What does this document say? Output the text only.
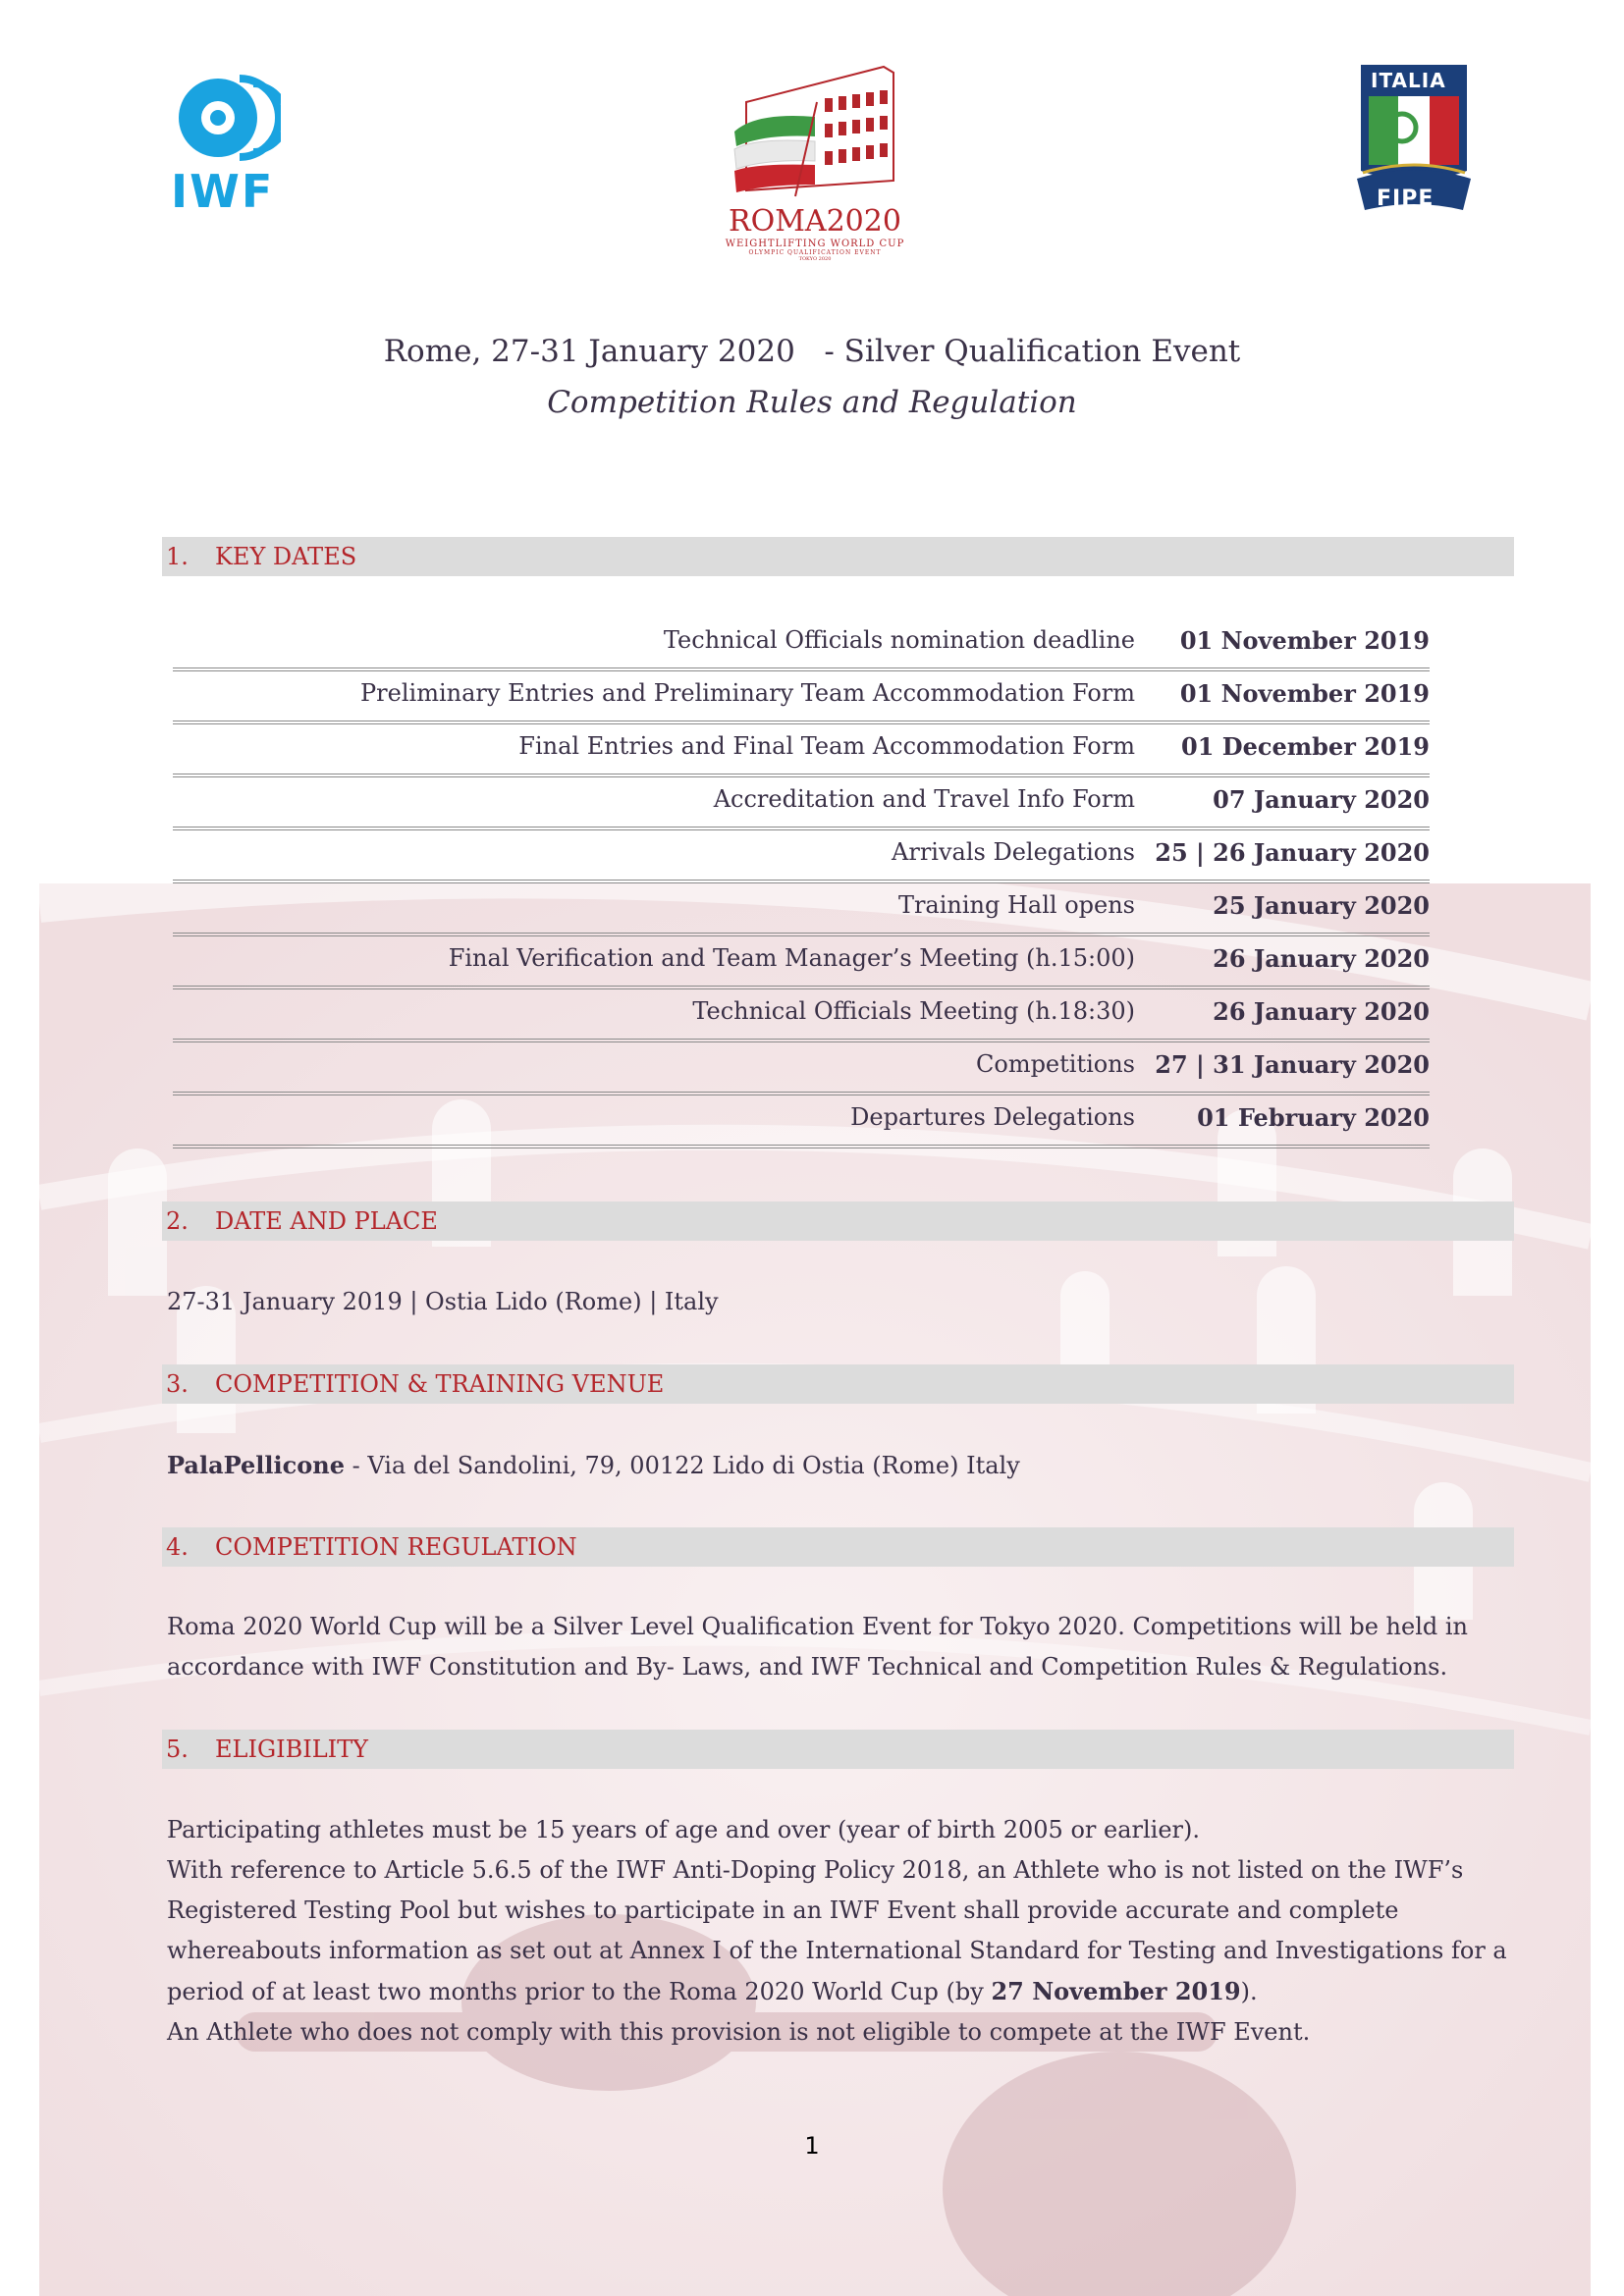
IWF
ROMA2020
WEIGHTLIFTING WORLD CUP
OLYMPIC QUALIFICATION EVENT
TOKYO 2020
ITALIA
FIPE
Rome, 27-31 January 2020   - Silver Qualification Event
Competition Rules and Regulation
1. KEY DATES
Technical Officials nomination deadline 01 November 2019
Preliminary Entries and Preliminary Team Accommodation Form 01 November 2019
Final Entries and Final Team Accommodation Form 01 December 2019
Accreditation and Travel Info Form	07 January 2020
Arrivals Delegations 25 | 26 January 2020
Training Hall opens	25 January 2020
Final Verification and Team Manager’s Meeting (h.15:00)	26 January 2020
Technical Officials Meeting (h.18:30)	26 January 2020
Competitions 27 | 31 January 2020
Departures Delegations	01 February 2020
2. DATE AND PLACE
27-31 January 2019 | Ostia Lido (Rome) | Italy
3. COMPETITION & TRAINING VENUE
PalaPellicone - Via del Sandolini, 79, 00122 Lido di Ostia (Rome) Italy
4. COMPETITION REGULATION
Roma 2020 World Cup will be a Silver Level Qualification Event for Tokyo 2020. Competitions will be held in accordance with IWF Constitution and By- Laws, and IWF Technical and Competition Rules & Regulations.
5. ELIGIBILITY
Participating athletes must be 15 years of age and over (year of birth 2005 or earlier).
With reference to Article 5.6.5 of the IWF Anti-Doping Policy 2018, an Athlete who is not listed on the IWF’s Registered Testing Pool but wishes to participate in an IWF Event shall provide accurate and complete whereabouts information as set out at Annex I of the International Standard for Testing and Investigations for a period of at least two months prior to the Roma 2020 World Cup (by 27 November 2019).
An Athlete who does not comply with this provision is not eligible to compete at the IWF Event.
1
